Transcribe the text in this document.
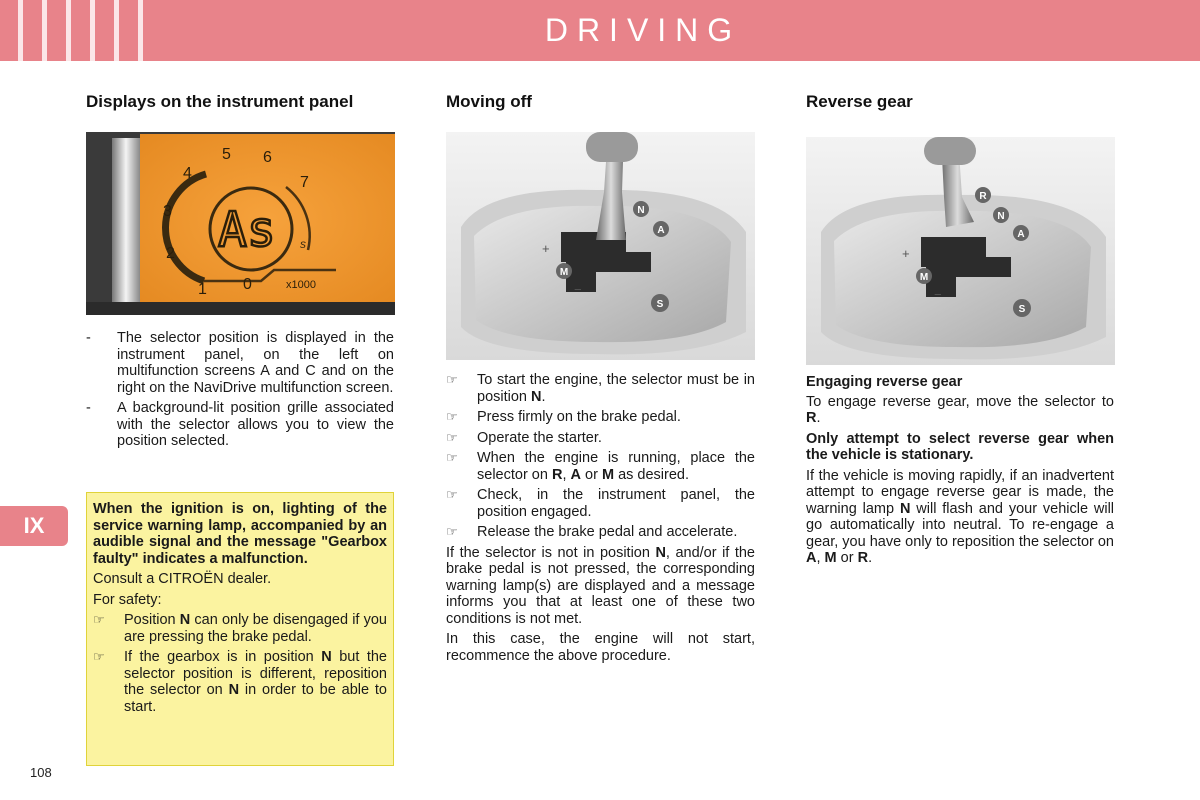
DRIVING
IX
Displays on the instrument panel
5 6
4
7
3
2
1 0
As s
x1000
- The selector position is displayed in the instrument panel, on the left on multifunction screens A and C and on the right on the NaviDrive multifunction screen.
- A background-lit position grille associated with the selector allows you to view the position selected.

When the ignition is on, lighting of the service warning lamp, accompanied by an audible signal and the message "Gearbox faulty" indicates a malfunction.

Consult a CITROËN dealer.

For safety:

☞ Position N can only be disengaged if you are pressing the brake pedal.
☞ If the gearbox is in position N but the selector position is different, reposition the selector on N in order to be able to start.
Moving off
N
A
M
S
+
−
☞ To start the engine, the selector must be in position N.
☞ Press firmly on the brake pedal.
☞ Operate the starter.
☞ When the engine is running, place the selector on R, A or M as desired.
☞ Check, in the instrument panel, the position engaged.
☞ Release the brake pedal and accelerate.

If the selector is not in position N, and/or if the brake pedal is not pressed, the corresponding warning lamp(s) are displayed and a message informs you that at least one of these two conditions is not met.

In this case, the engine will not start, recommence the above procedure.

Reverse gear
R
N
A
M
S
+
−

Engaging reverse gear

To engage reverse gear, move the selector to R.

Only attempt to select reverse gear when the vehicle is stationary.

If the vehicle is moving rapidly, if an inadvertent attempt to engage reverse gear is made, the warning lamp N will flash and your vehicle will go automatically into neutral. To re-engage a gear, you have only to reposition the selector on A, M or R.

108
